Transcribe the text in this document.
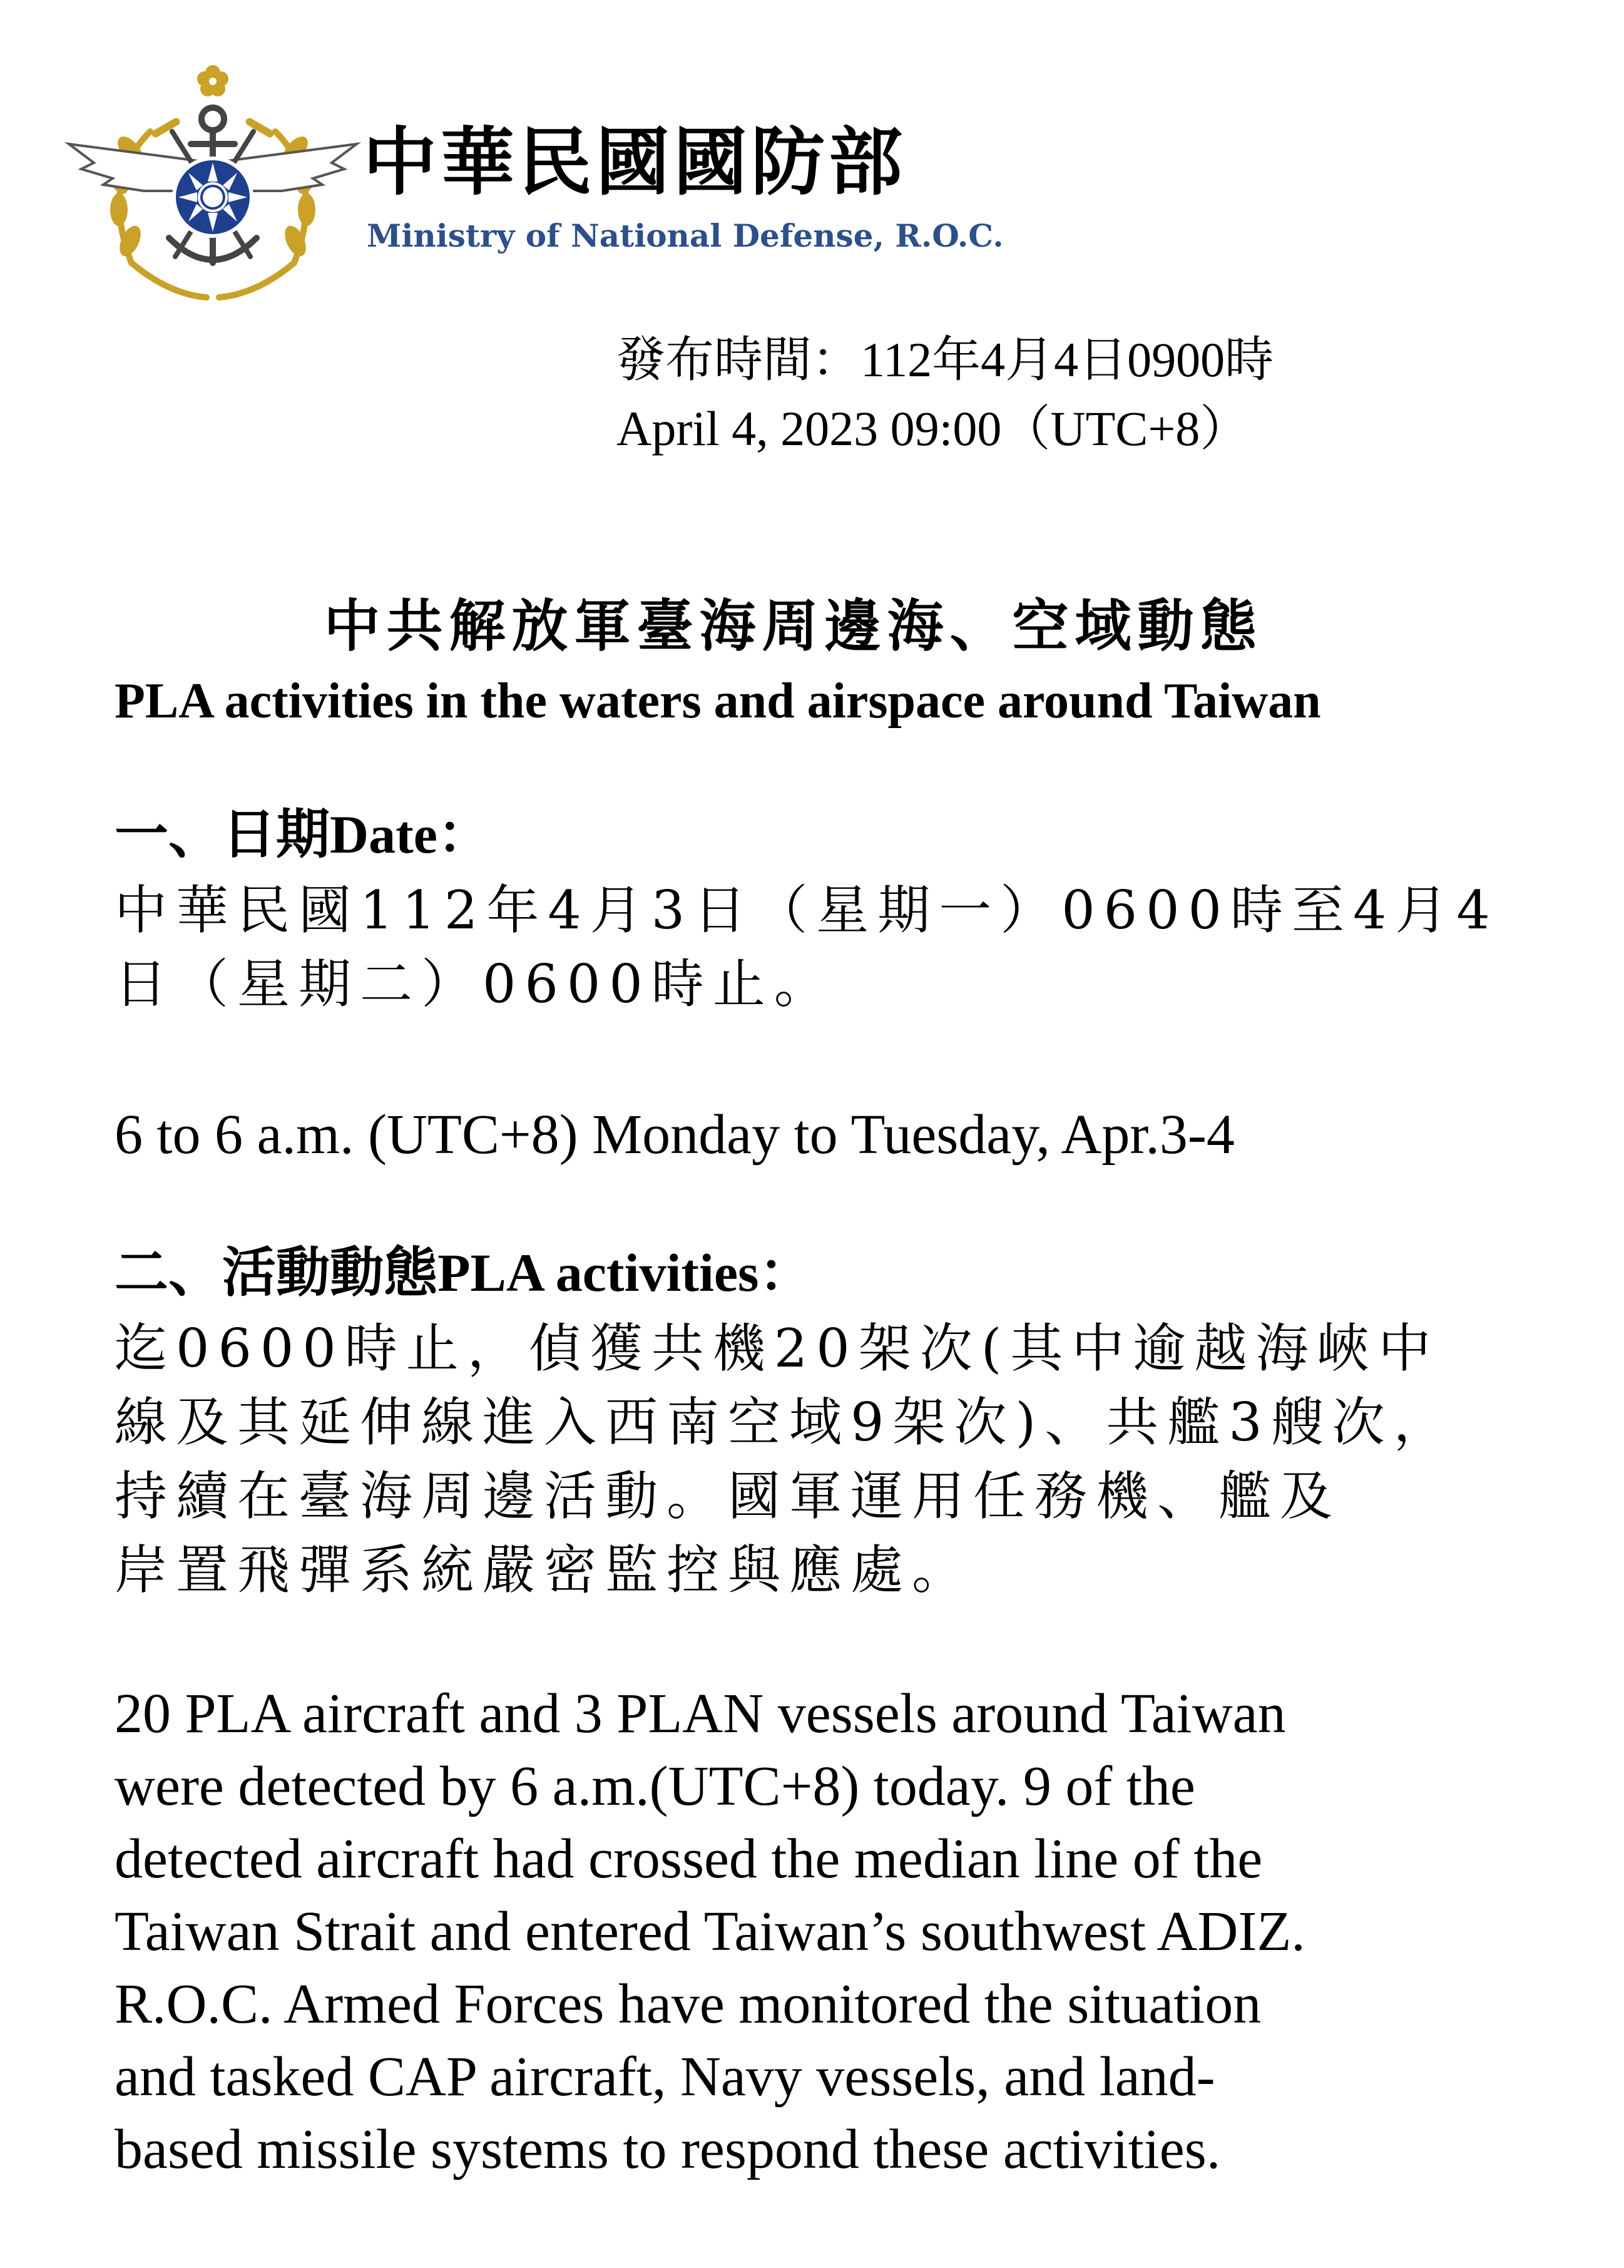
中華民國國防部
Ministry of National Defense, R.O.C.
發布時間：112年4月4日0900時
April 4, 2023 09:00（UTC+8）
中共解放軍臺海周邊海、空域動態
PLA activities in the waters and airspace around Taiwan
一、日期Date：
中華民國112年4月3日（星期一）0600時至4月4
日（星期二）0600時止。
6 to 6 a.m. (UTC+8) Monday to Tuesday, Apr.3-4
二、活動動態PLA activities：
迄0600時止，偵獲共機20架次(其中逾越海峽中
線及其延伸線進入西南空域9架次)、共艦3艘次，
持續在臺海周邊活動。國軍運用任務機、艦及
岸置飛彈系統嚴密監控與應處。
20 PLA aircraft and 3 PLAN vessels around Taiwan
were detected by 6 a.m.(UTC+8) today. 9 of the
detected aircraft had crossed the median line of the
Taiwan Strait and entered Taiwan’s southwest ADIZ.
R.O.C. Armed Forces have monitored the situation
and tasked CAP aircraft, Navy vessels, and land-
based missile systems to respond these activities.
